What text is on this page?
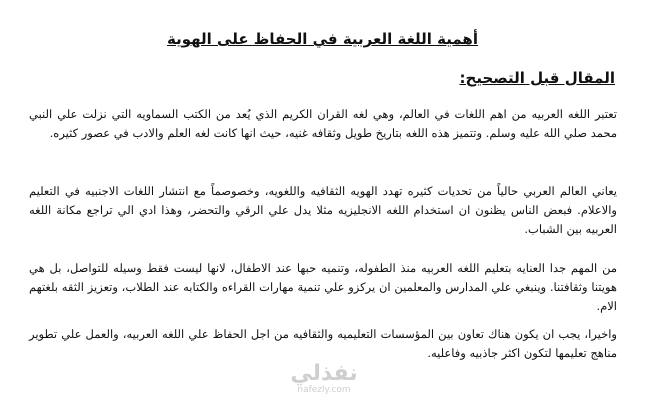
أهمية اللغة العربية في الحفاظ على الهوية
المقال قبل التصحيح:

تعتبر اللغه العربيه من اهم اللغات في العالم، وهي لغه القران الكريم الذي يُعد من الكتب السماويه التي نزلت علي النبي محمد صلي الله عليه وسلم. وتتميز هذه اللغه بتاريخ طويل وثقافه غنيه، حيث انها كانت لغه العلم والادب في عصور كثيره.

يعاني العالم العربي حالياً من تحديات كثيره تهدد الهويه الثقافيه واللغويه، وخصوصماً مع انتشار اللغات الاجنبيه في التعليم والاعلام. فبعض الناس يظنون ان استخدام اللغه الانجليزيه مثلا يدل علي الرقي والتحضر، وهذا ادي الي تراجع مكانة اللغه العربيه بين الشباب.

من المهم جدا العنايه بتعليم اللغه العربيه منذ الطفوله، وتنميه حبها عند الاطفال، لانها ليست فقط وسيله للتواصل، بل هي هويتنا وثقافتنا. وينبغي علي المدارس والمعلمين ان يركزو علي تنمية مهارات القراءه والكتابه عند الطلاب، وتعزيز الثقه بلغتهم الام.

واخيرا، يجب ان يكون هناك تعاون بين المؤسسات التعليميه والثقافيه من اجل الحفاظ علي اللغه العربيه، والعمل علي تطوير مناهج تعليمها لتكون اكثر جاذبيه وفاعليه.

نفذلي
nafezly.com
